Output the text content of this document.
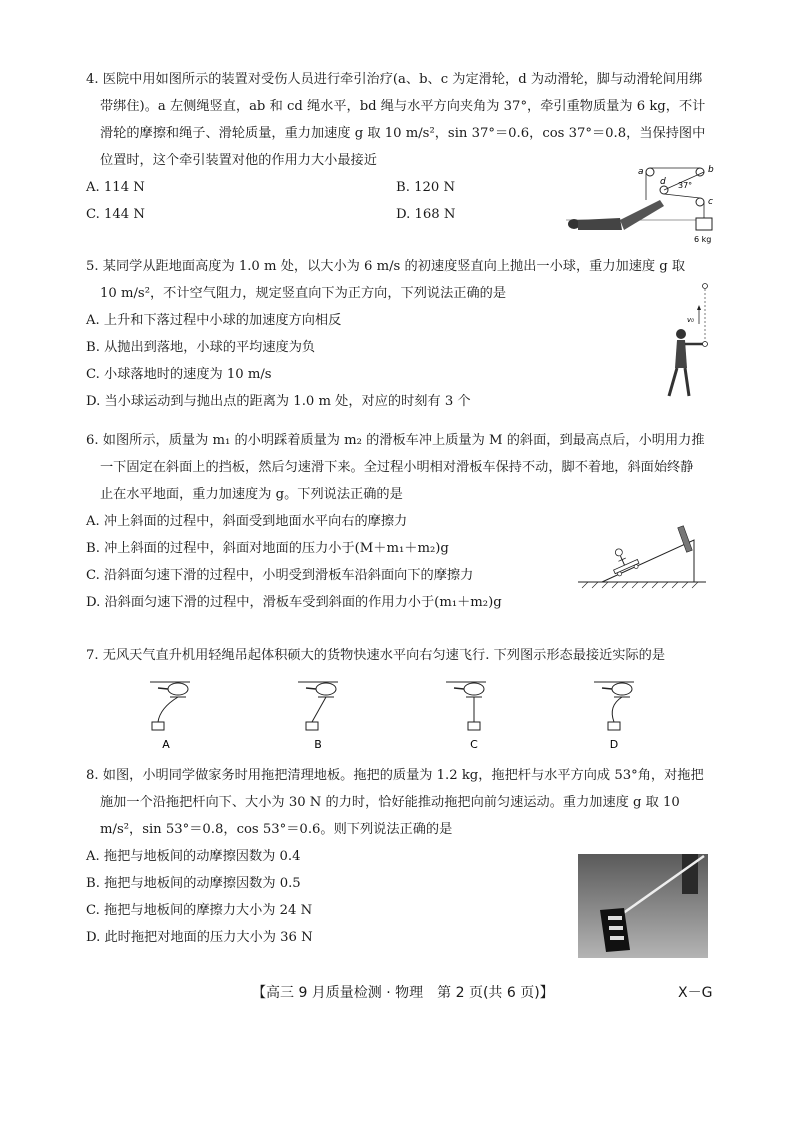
4. 医院中用如图所示的装置对受伤人员进行牵引治疗(a、b、c 为定滑轮，d 为动滑轮，脚与动滑轮间用绑带绑住)。a 左侧绳竖直，ab 和 cd 绳水平，bd 绳与水平方向夹角为 37°，牵引重物质量为 6 kg，不计滑轮的摩擦和绳子、滑轮质量，重力加速度 g 取 10 m/s²，sin 37°＝0.6，cos 37°＝0.8，当保持图中位置时，这个牵引装置对他的作用力大小最接近

A. 114 N	B. 120 N

C. 144 N	D. 168 N

a	b
c
d 37°
6 kg

5. 某同学从距地面高度为 1.0 m 处，以大小为 6 m/s 的初速度竖直向上抛出一小球，重力加速度 g 取 10 m/s²，不计空气阻力，规定竖直向下为正方向，下列说法正确的是

A. 上升和下落过程中小球的加速度方向相反

B. 从抛出到落地，小球的平均速度为负

C. 小球落地时的速度为 10 m/s

D. 当小球运动到与抛出点的距离为 1.0 m 处，对应的时刻有 3 个

v₀

6. 如图所示，质量为 m₁ 的小明踩着质量为 m₂ 的滑板车冲上质量为 M 的斜面，到最高点后，小明用力推一下固定在斜面上的挡板，然后匀速滑下来。全过程小明相对滑板车保持不动，脚不着地，斜面始终静止在水平地面，重力加速度为 g。下列说法正确的是

A. 冲上斜面的过程中，斜面受到地面水平向右的摩擦力

B. 冲上斜面的过程中，斜面对地面的压力小于(M＋m₁＋m₂)g

C. 沿斜面匀速下滑的过程中，小明受到滑板车沿斜面向下的摩擦力

D. 沿斜面匀速下滑的过程中，滑板车受到斜面的作用力小于(m₁＋m₂)g

7. 无风天气直升机用轻绳吊起体积硕大的货物快速水平向右匀速飞行. 下列图示形态最接近实际的是

A	B	C	D

8. 如图，小明同学做家务时用拖把清理地板。拖把的质量为 1.2 kg，拖把杆与水平方向成 53°角，对拖把施加一个沿拖把杆向下、大小为 30 N 的力时，恰好能推动拖把向前匀速运动。重力加速度 g 取 10 m/s²，sin 53°＝0.8，cos 53°＝0.6。则下列说法正确的是

A. 拖把与地板间的动摩擦因数为 0.4

B. 拖把与地板间的动摩擦因数为 0.5

C. 拖把与地板间的摩擦力大小为 24 N

D. 此时拖把对地面的压力大小为 36 N

【高三 9 月质量检测 · 物理　第 2 页(共 6 页)】	X－G
